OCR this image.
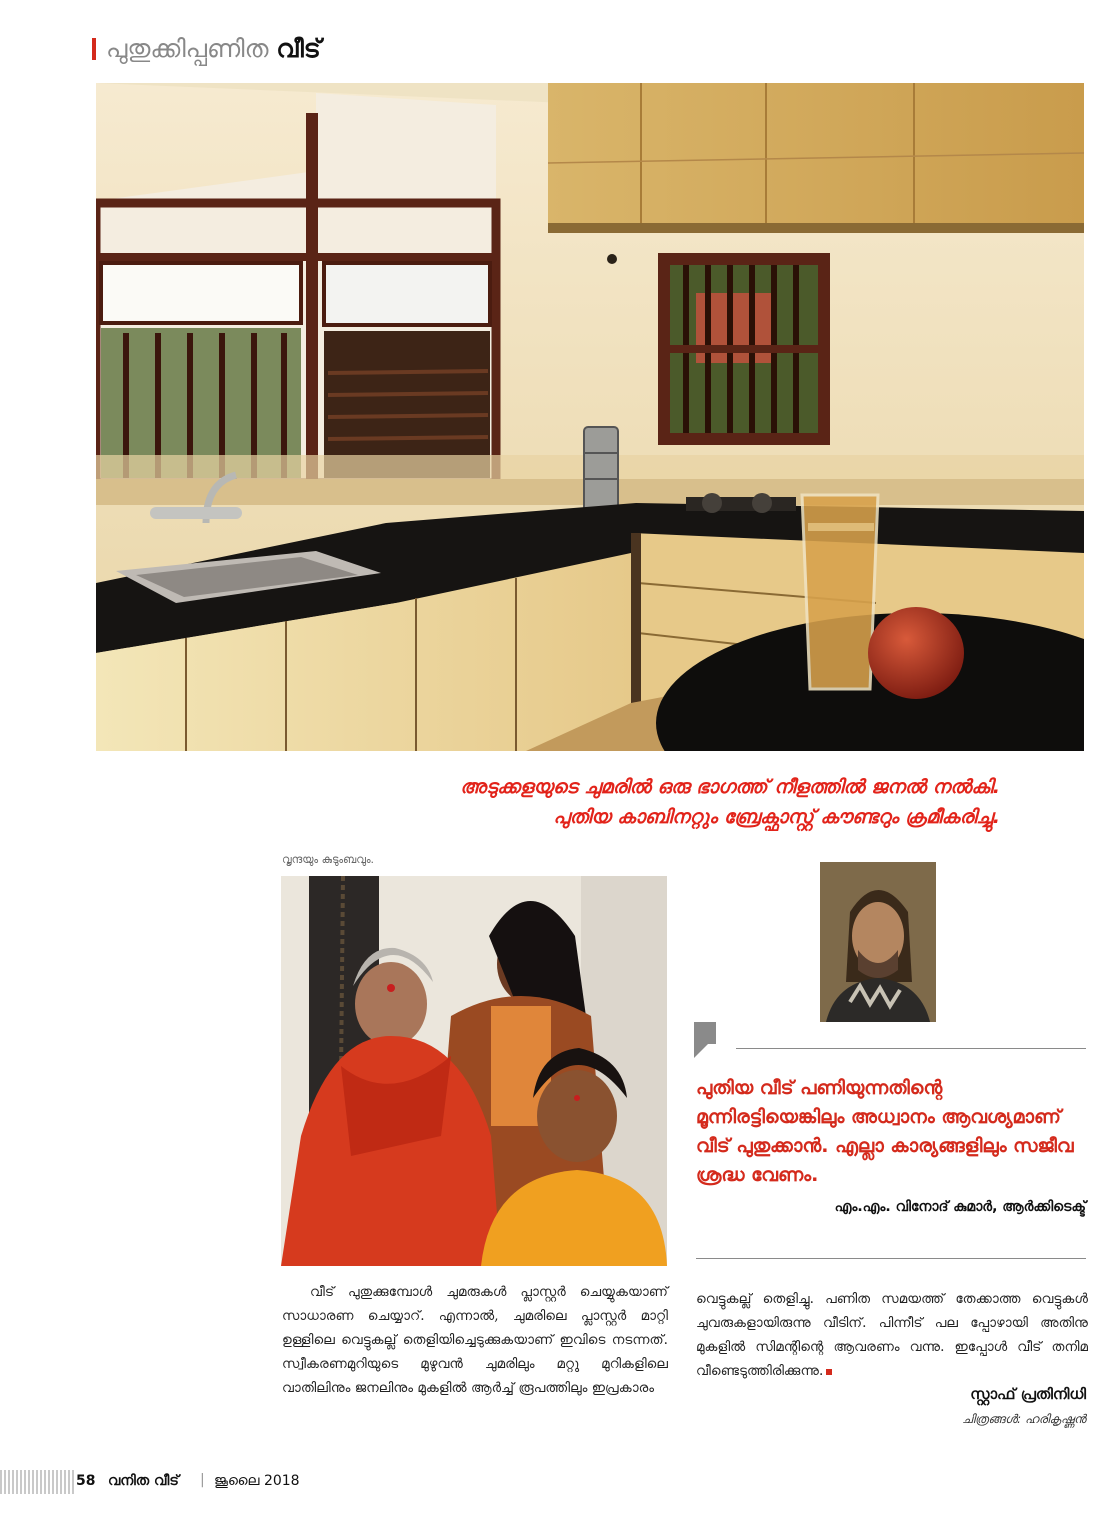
പുതുക്കിപ്പണിത വീട്
അടുക്കളയുടെ ചുമരിൽ ഒരു ഭാഗത്ത് നീളത്തിൽ ജനൽ നൽകി.
പുതിയ കാബിനറ്റും ബ്രേക്ഫാസ്റ്റ് കൗണ്ടറും ക്രമീകരിച്ചു.
വൃന്ദയും കുടുംബവും.
പുതിയ വീട് പണിയുന്നതിന്റെ മൂന്നിരട്ടിയെങ്കിലും അധ്വാനം ആവശ്യമാണ് വീട് പുതുക്കാൻ. എല്ലാ കാര്യങ്ങളിലും സജീവ ശ്രദ്ധ വേണം.
എം.എം. വിനോദ് കുമാർ, ആർക്കിടെക്ട്
വീട് പുതുക്കുമ്പോൾ ചുമരുകൾ പ്ലാസ്റ്റർ ചെയ്യുകയാണ് സാധാരണ ചെയ്യാറ്. എന്നാൽ, ചുമരിലെ പ്ലാസ്റ്റർ മാറ്റി ഉള്ളിലെ വെട്ടുകല്ല് തെളിയിച്ചെടുക്കുകയാണ് ഇവിടെ നടന്നത്. സ്വീകരണമുറിയുടെ മുഴുവൻ ചുമരിലും മറ്റു മുറികളിലെ വാതിലിനും ജനലിനും മുകളിൽ ആർച്ച് രൂപത്തിലും ഇപ്രകാരം
വെട്ടുകല്ല് തെളിച്ചു. പണിത സമയത്ത് തേക്കാത്ത വെട്ടുകൾ ചുവരുകളായിരുന്നു വീടിന്. പിന്നീട് പല പ്പോഴായി അതിനു മുകളിൽ സിമന്റിന്റെ ആവരണം വന്നു. ഇപ്പോൾ വീട് തനിമ വീണ്ടെടുത്തിരിക്കുന്നു.
സ്റ്റാഫ് പ്രതിനിധി
ചിത്രങ്ങൾ: ഹരികൃഷ്ണൻ
58 വനിത വീട് | ജൂലൈ 2018
